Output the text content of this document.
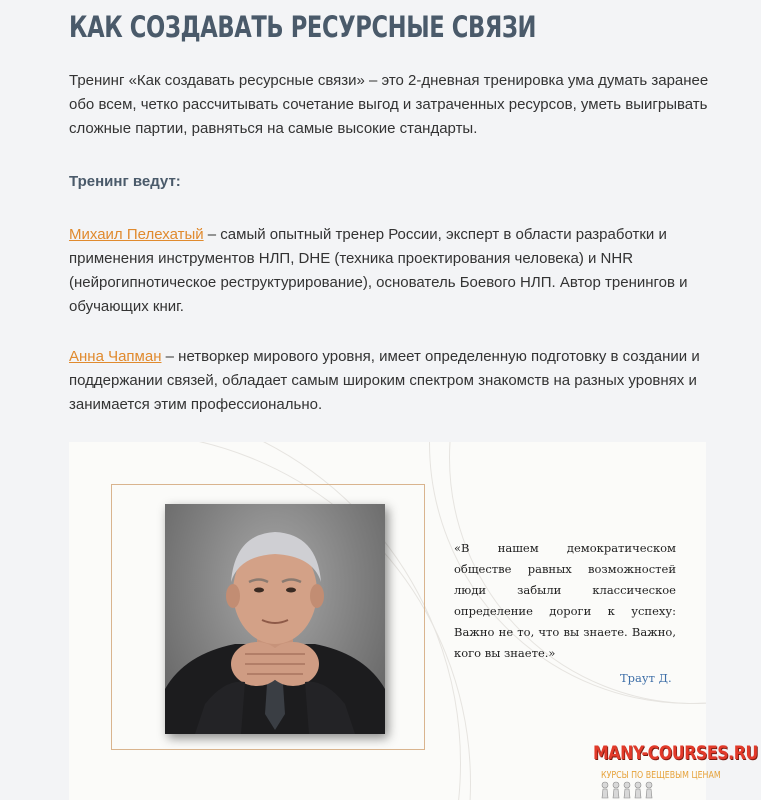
КАК СОЗДАВАТЬ РЕСУРСНЫЕ СВЯЗИ

Тренинг «Как создавать ресурсные связи» – это 2-дневная тренировка ума думать заранее обо всем, четко рассчитывать сочетание выгод и затраченных ресурсов, уметь выигрывать сложные партии, равняться на самые высокие стандарты.

Тренинг ведут:

Михаил Пелехатый – самый опытный тренер России, эксперт в области разработки и применения инструментов НЛП, DHE (техника проектирования человека) и NHR (нейрогипнотическое реструктурирование), основатель Боевого НЛП. Автор тренингов и обучающих книг.

Анна Чапман – нетворкер мирового уровня, имеет определенную подготовку в создании и поддержании связей, обладает самым широким спектром знакомств на разных уровнях и занимается этим профессионально.

«В нашем демократическом обществе равных возможностей люди забыли классическое определение дороги к успеху: Важно не то, что вы знаете. Важно, кого вы знаете.»

Траут Д.
MANY-COURSES.RU
КУРСЫ ПО ВЕЩЕВЫМ ЦЕНАМ
